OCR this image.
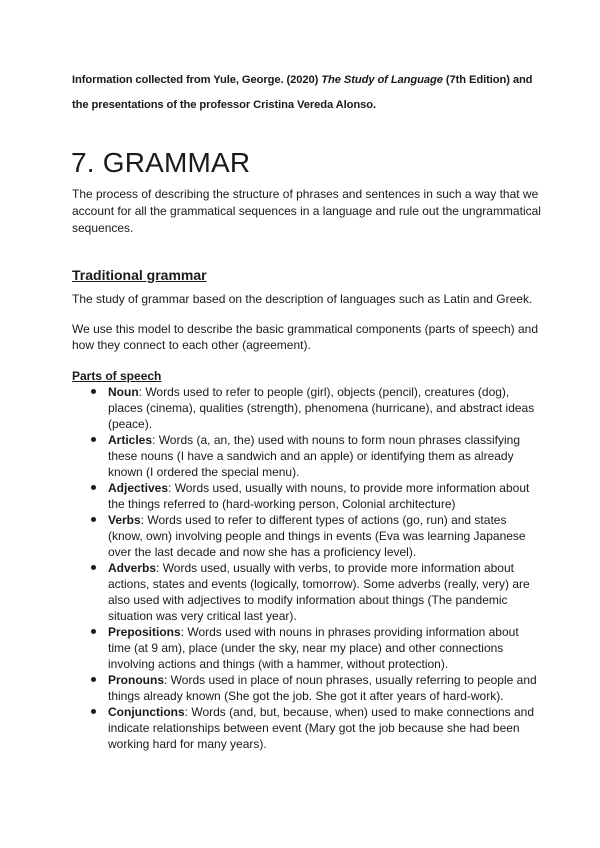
Information collected from Yule, George. (2020) The Study of Language (7th Edition) and the presentations of the professor Cristina Vereda Alonso.
7. GRAMMAR

The process of describing the structure of phrases and sentences in such a way that we account for all the grammatical sequences in a language and rule out the ungrammatical sequences.

Traditional grammar

The study of grammar based on the description of languages such as Latin and Greek.

We use this model to describe the basic grammatical components (parts of speech) and how they connect to each other (agreement).

Parts of speech
Noun: Words used to refer to people (girl), objects (pencil), creatures (dog), places (cinema), qualities (strength), phenomena (hurricane), and abstract ideas (peace).
Articles: Words (a, an, the) used with nouns to form noun phrases classifying these nouns (I have a sandwich and an apple) or identifying them as already known (I ordered the special menu).
Adjectives: Words used, usually with nouns, to provide more information about the things referred to (hard-working person, Colonial architecture)
Verbs: Words used to refer to different types of actions (go, run) and states (know, own) involving people and things in events (Eva was learning Japanese over the last decade and now she has a proficiency level).
Adverbs: Words used, usually with verbs, to provide more information about actions, states and events (logically, tomorrow). Some adverbs (really, very) are also used with adjectives to modify information about things (The pandemic situation was very critical last year).
Prepositions: Words used with nouns in phrases providing information about time (at 9 am), place (under the sky, near my place) and other connections involving actions and things (with a hammer, without protection).
Pronouns: Words used in place of noun phrases, usually referring to people and things already known (She got the job. She got it after years of hard-work).
Conjunctions: Words (and, but, because, when) used to make connections and indicate relationships between event (Mary got the job because she had been working hard for many years).
